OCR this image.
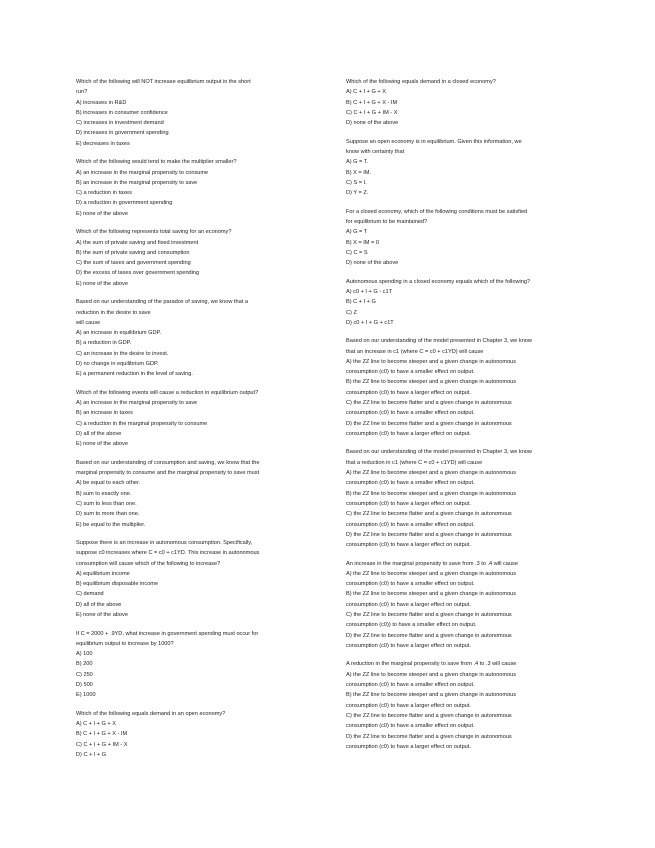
Which of the following will NOT increase equilibrium output in the short
run?
A) increases in R&D
B) increases in consumer confidence
C) increases in investment demand
D) increases in government spending
E) decreases in taxes
Which of the following would tend to make the multiplier smaller?
A) an increase in the marginal propensity to consume
B) an increase in the marginal propensity to save
C) a reduction in taxes
D) a reduction in government spending
E) none of the above
Which of the following represents total saving for an economy?
A) the sum of private saving and fixed investment
B) the sum of private saving and consumption
C) the sum of taxes and government spending
D) the excess of taxes over government spending
E) none of the above
Based on our understanding of the paradox of saving, we know that a
reduction in the desire to save
will cause
A) an increase in equilibrium GDP.
B) a reduction in GDP.
C) an increase in the desire to invest.
D) no change in equilibrium GDP.
E) a permanent reduction in the level of saving.
Which of the following events will cause a reduction in equilibrium output?
A) an increase in the marginal propensity to save
B) an increase in taxes
C) a reduction in the marginal propensity to consume
D) all of the above
E) none of the above
Based on our understanding of consumption and saving, we know that the
marginal propensity to consume and the marginal propensity to save must
A) be equal to each other.
B) sum to exactly one.
C) sum to less than one.
D) sum to more than one.
E) be equal to the multiplier.
Suppose there is an increase in autonomous consumption. Specifically,
suppose c0 increases where C = c0 + c1YD. This increase in autonomous
consumption will cause which of the following to increase?
A) equilibrium income
B) equilibrium disposable income
C) demand
D) all of the above
E) none of the above
If C = 2000 + .9YD, what increase in government spending must occur for
equilibrium output to increase by 1000?
A) 100
B) 200
C) 250
D) 500
E) 1000
Which of the following equals demand in an open economy?
A) C + I + G + X
B) C + I + G + X - IM
C) C + I + G + IM - X
D) C + I + G
Which of the following equals demand in a closed economy?
A) C + I + G + X
B) C + I + G + X - IM
C) C + I + G + IM - X
D) none of the above
Suppose an open economy is in equilibrium. Given this information, we
know with certainty that
A) G = T.
B) X = IM.
C) S = I.
D) Y = Z.
For a closed economy, which of the following conditions must be satisfied
for equilibrium to be maintained?
A) G = T
B) X = IM = 0
C) C = S
D) none of the above
Autonomous spending in a closed economy equals which of the following?
A) c0 + I + G - c1T
B) C + I + G
C) Z
D) c0 + I + G + c1T
Based on our understanding of the model presented in Chapter 3, we know
that an increase in c1 (where C = c0 + c1YD) will cause
A) the ZZ line to become steeper and a given change in autonomous
consumption (c0) to have a smaller effect on output.
B) the ZZ line to become steeper and a given change in autonomous
consumption (c0) to have a larger effect on output.
C) the ZZ line to become flatter and a given change in autonomous
consumption (c0) to have a smaller effect on output.
D) the ZZ line to become flatter and a given change in autonomous
consumption (c0) to have a larger effect on output.
Based on our understanding of the model presented in Chapter 3, we know
that a reduction in c1 (where C = c0 + c1YD) will cause
A) the ZZ line to become steeper and a given change in autonomous
consumption (c0) to have a smaller effect on output.
B) the ZZ line to become steeper and a given change in autonomous
consumption (c0) to have a larger effect on output.
C) the ZZ line to become flatter and a given change in autonomous
consumption (c0) to have a smaller effect on output.
D) the ZZ line to become flatter and a given change in autonomous
consumption (c0) to have a larger effect on output.
An increase in the marginal propensity to save from .3 to .4 will cause
A) the ZZ line to become steeper and a given change in autonomous
consumption (c0) to have a smaller effect on output.
B) the ZZ line to become steeper and a given change in autonomous
consumption (c0) to have a larger effect on output.
C) the ZZ line to become flatter and a given change in autonomous
consumption (c0)) to have a smaller effect on output.
D) the ZZ line to become flatter and a given change in autonomous
consumption (c0) to have a larger effect on output.
A reduction in the marginal propensity to save from .4 to .3 will cause
A) the ZZ line to become steeper and a given change in autonomous
consumption (c0) to have a smaller effect on output.
B) the ZZ line to become steeper and a given change in autonomous
consumption (c0) to have a larger effect on output.
C) the ZZ line to become flatter and a given change in autonomous
consumption (c0) to have a smaller effect on output.
D) the ZZ line to become flatter and a given change in autonomous
consumption (c0) to have a larger effect on output.
